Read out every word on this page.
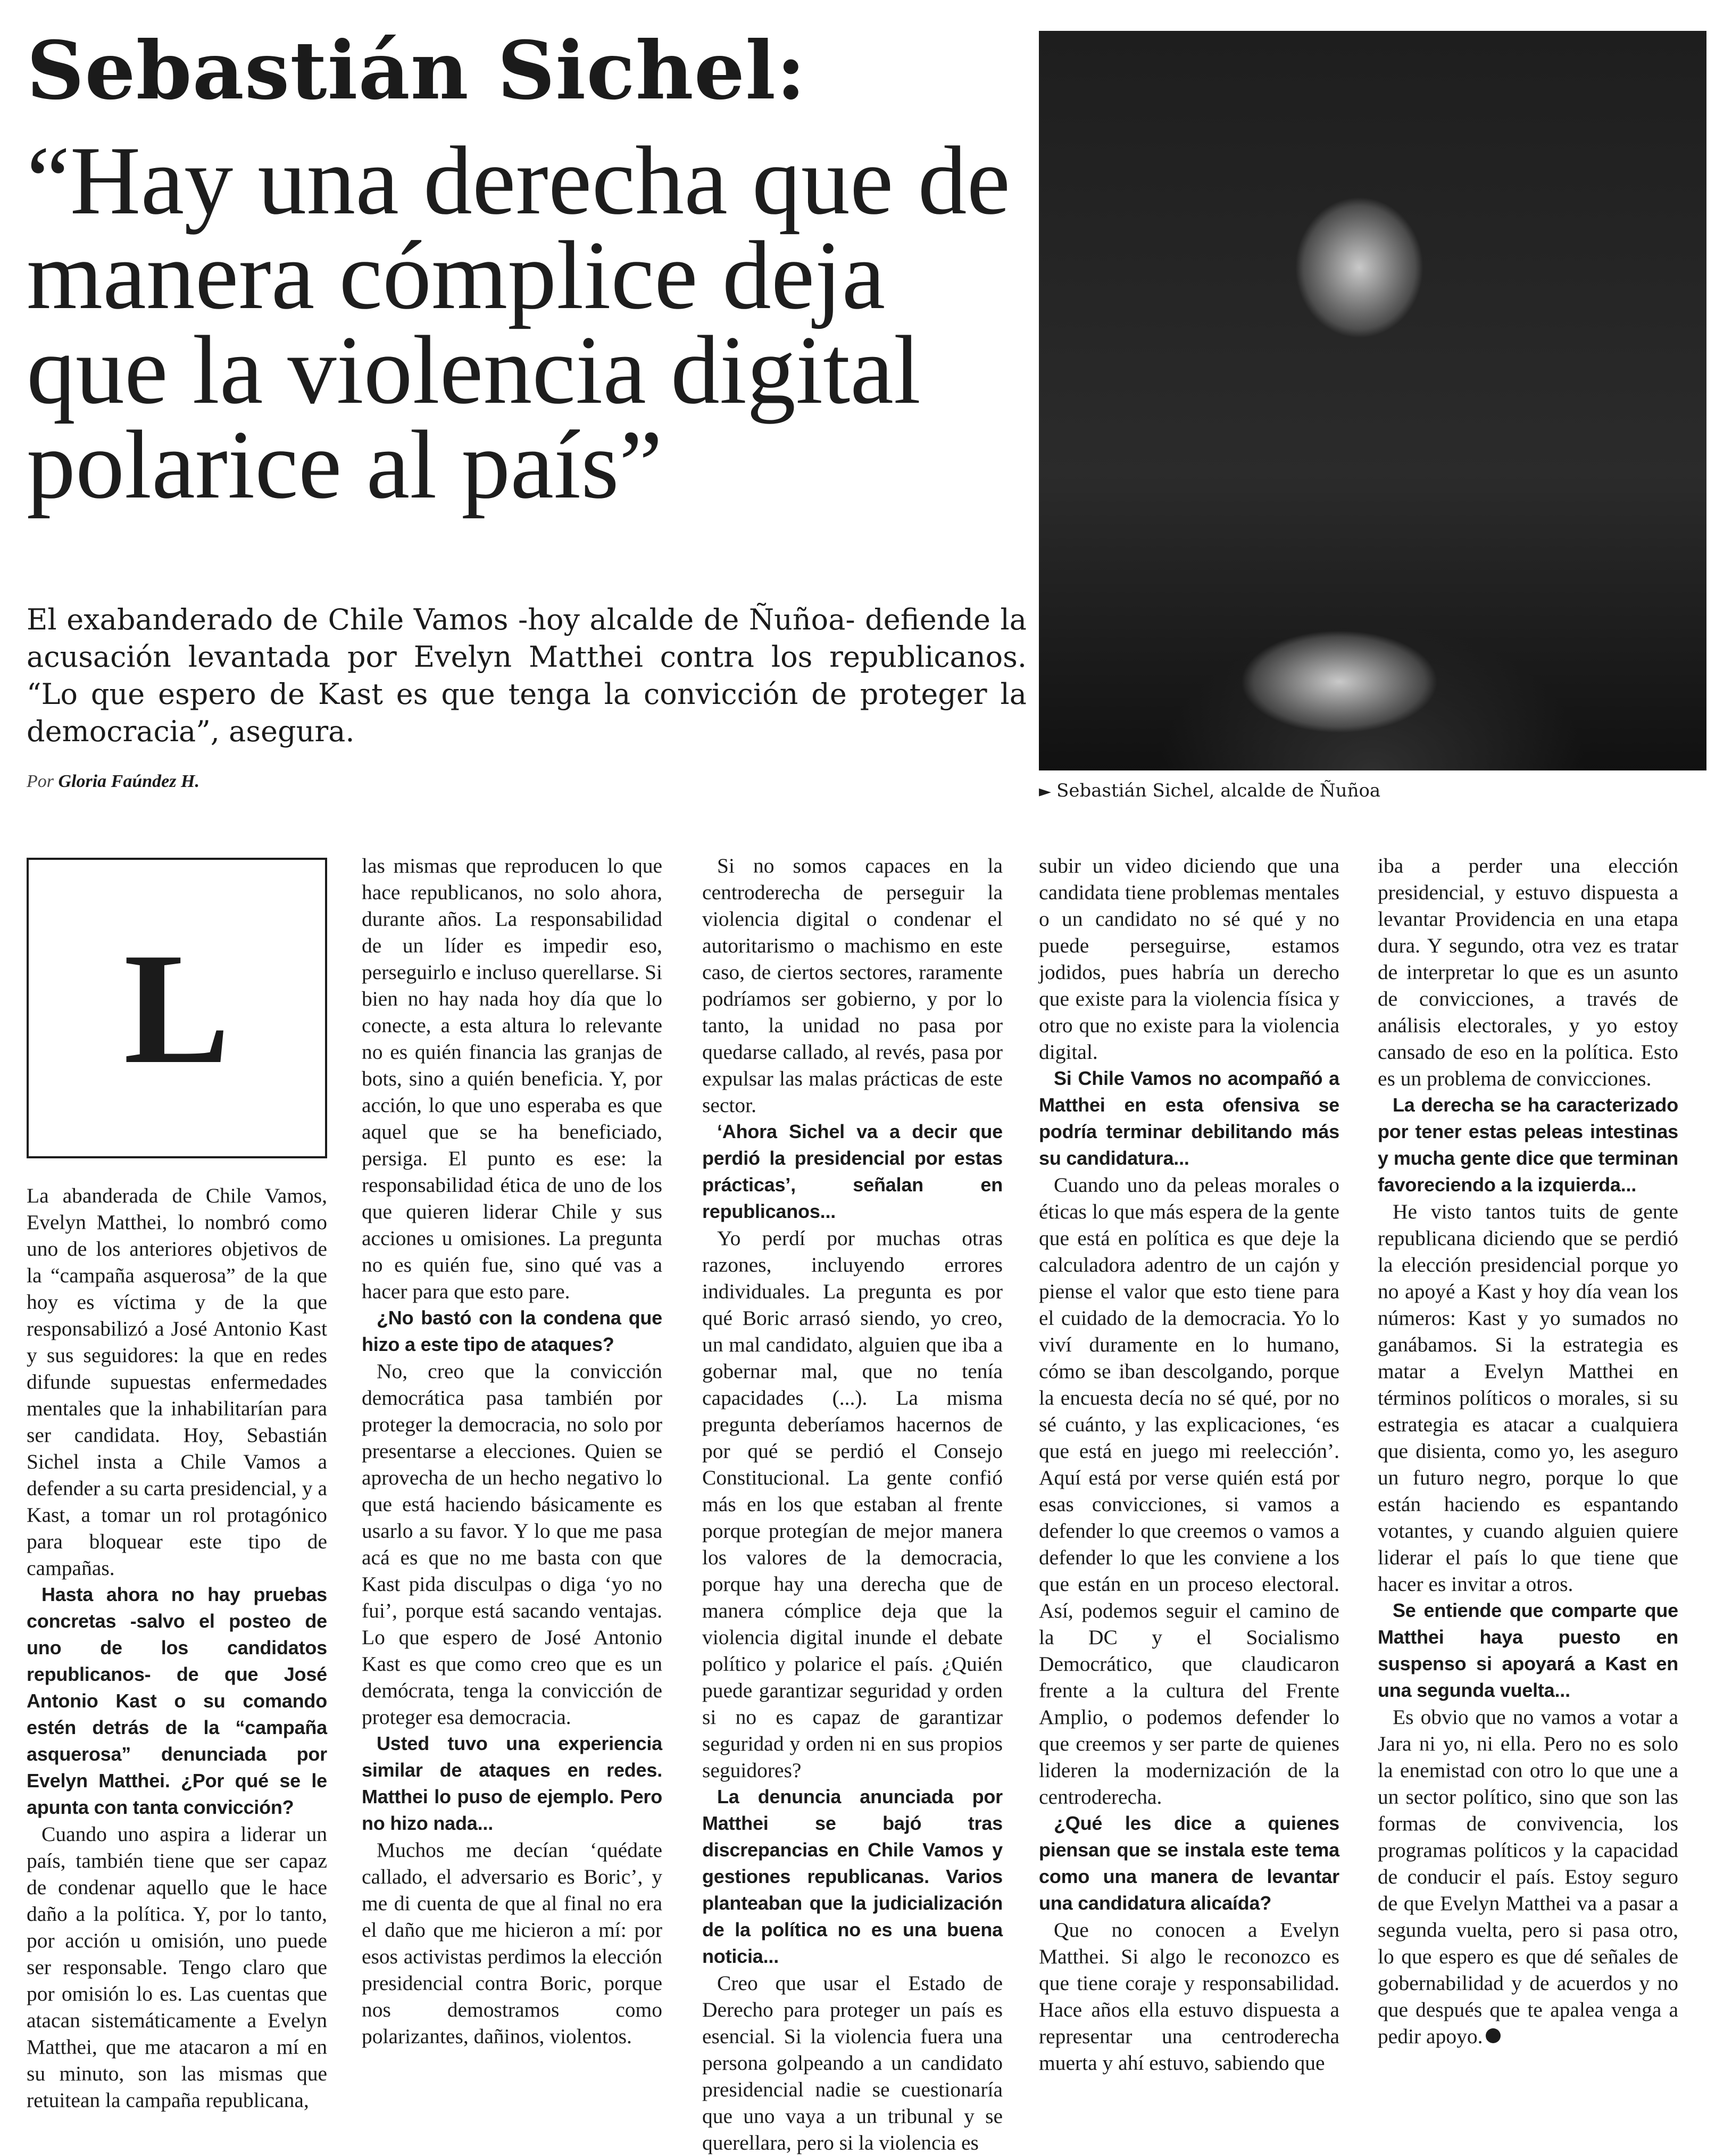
Sebastián Sichel:
“Hay una derecha que de manera cómplice deja que la violencia digital polarice al país”

El exabanderado de Chile Vamos -hoy alcalde de Ñuñoa- defiende la acusación levantada por Evelyn Matthei contra los republicanos. “Lo que espero de Kast es que tenga la convicción de proteger la democracia”, asegura.

Por Gloria Faúndez H.
► Sebastián Sichel, alcalde de Ñuñoa
L

La abanderada de Chile Vamos, Evelyn Matthei, lo nombró como uno de los anteriores objetivos de la “campaña asquerosa” de la que hoy es víctima y de la que responsabilizó a José Antonio Kast y sus seguidores: la que en redes difunde supuestas enfermedades mentales que la inhabilitarían para ser candidata. Hoy, Sebastián Sichel insta a Chile Vamos a defender a su carta presidencial, y a Kast, a tomar un rol protagónico para bloquear este tipo de campañas.

Hasta ahora no hay pruebas concretas -salvo el posteo de uno de los candidatos republicanos- de que José Antonio Kast o su comando estén detrás de la “campaña asquerosa” denunciada por Evelyn Matthei. ¿Por qué se le apunta con tanta convicción?

Cuando uno aspira a liderar un país, también tiene que ser capaz de condenar aquello que le hace daño a la política. Y, por lo tanto, por acción u omisión, uno puede ser responsable. Tengo claro que por omisión lo es. Las cuentas que atacan sistemáticamente a Evelyn Matthei, que me atacaron a mí en su minuto, son las mismas que retuitean la campaña republicana,

las mismas que reproducen lo que hace republicanos, no solo ahora, durante años. La responsabilidad de un líder es impedir eso, perseguirlo e incluso querellarse. Si bien no hay nada hoy día que lo conecte, a esta altura lo relevante no es quién financia las granjas de bots, sino a quién beneficia. Y, por acción, lo que uno esperaba es que aquel que se ha beneficiado, persiga. El punto es ese: la responsabilidad ética de uno de los que quieren liderar Chile y sus acciones u omisiones. La pregunta no es quién fue, sino qué vas a hacer para que esto pare.

¿No bastó con la condena que hizo a este tipo de ataques?

No, creo que la convicción democrática pasa también por proteger la democracia, no solo por presentarse a elecciones. Quien se aprovecha de un hecho negativo lo que está haciendo básicamente es usarlo a su favor. Y lo que me pasa acá es que no me basta con que Kast pida disculpas o diga ‘yo no fui’, porque está sacando ventajas. Lo que espero de José Antonio Kast es que como creo que es un demócrata, tenga la convicción de proteger esa democracia.

Usted tuvo una experiencia similar de ataques en redes. Matthei lo puso de ejemplo. Pero no hizo nada...

Muchos me decían ‘quédate callado, el adversario es Boric’, y me di cuenta de que al final no era el daño que me hicieron a mí: por esos activistas perdimos la elección presidencial contra Boric, porque nos demostramos como polarizantes, dañinos, violentos.

Si no somos capaces en la centroderecha de perseguir la violencia digital o condenar el autoritarismo o machismo en este caso, de ciertos sectores, raramente podríamos ser gobierno, y por lo tanto, la unidad no pasa por quedarse callado, al revés, pasa por expulsar las malas prácticas de este sector.

‘Ahora Sichel va a decir que perdió la presidencial por estas prácticas’, señalan en republicanos...

Yo perdí por muchas otras razones, incluyendo errores individuales. La pregunta es por qué Boric arrasó siendo, yo creo, un mal candidato, alguien que iba a gobernar mal, que no tenía capacidades (...). La misma pregunta deberíamos hacernos de por qué se perdió el Consejo Constitucional. La gente confió más en los que estaban al frente porque protegían de mejor manera los valores de la democracia, porque hay una derecha que de manera cómplice deja que la violencia digital inunde el debate político y polarice el país. ¿Quién puede garantizar seguridad y orden si no es capaz de garantizar seguridad y orden ni en sus propios seguidores?

La denuncia anunciada por Matthei se bajó tras discrepancias en Chile Vamos y gestiones republicanas. Varios planteaban que la judicialización de la política no es una buena noticia...

Creo que usar el Estado de Derecho para proteger un país es esencial. Si la violencia fuera una persona golpeando a un candidato presidencial nadie se cuestionaría que uno vaya a un tribunal y se querellara, pero si la violencia es

subir un video diciendo que una candidata tiene problemas mentales o un candidato no sé qué y no puede perseguirse, estamos jodidos, pues habría un derecho que existe para la violencia física y otro que no existe para la violencia digital.

Si Chile Vamos no acompañó a Matthei en esta ofensiva se podría terminar debilitando más su candidatura...

Cuando uno da peleas morales o éticas lo que más espera de la gente que está en política es que deje la calculadora adentro de un cajón y piense el valor que esto tiene para el cuidado de la democracia. Yo lo viví duramente en lo humano, cómo se iban descolgando, porque la encuesta decía no sé qué, por no sé cuánto, y las explicaciones, ‘es que está en juego mi reelección’. Aquí está por verse quién está por esas convicciones, si vamos a defender lo que creemos o vamos a defender lo que les conviene a los que están en un proceso electoral. Así, podemos seguir el camino de la DC y el Socialismo Democrático, que claudicaron frente a la cultura del Frente Amplio, o podemos defender lo que creemos y ser parte de quienes lideren la modernización de la centroderecha.

¿Qué les dice a quienes piensan que se instala este tema como una manera de levantar una candidatura alicaída?

Que no conocen a Evelyn Matthei. Si algo le reconozco es que tiene coraje y responsabilidad. Hace años ella estuvo dispuesta a representar una centroderecha muerta y ahí estuvo, sabiendo que

iba a perder una elección presidencial, y estuvo dispuesta a levantar Providencia en una etapa dura. Y segundo, otra vez es tratar de interpretar lo que es un asunto de convicciones, a través de análisis electorales, y yo estoy cansado de eso en la política. Esto es un problema de convicciones.

La derecha se ha caracterizado por tener estas peleas intestinas y mucha gente dice que terminan favoreciendo a la izquierda...

He visto tantos tuits de gente republicana diciendo que se perdió la elección presidencial porque yo no apoyé a Kast y hoy día vean los números: Kast y yo sumados no ganábamos. Si la estrategia es matar a Evelyn Matthei en términos políticos o morales, si su estrategia es atacar a cualquiera que disienta, como yo, les aseguro un futuro negro, porque lo que están haciendo es espantando votantes, y cuando alguien quiere liderar el país lo que tiene que hacer es invitar a otros.

Se entiende que comparte que Matthei haya puesto en suspenso si apoyará a Kast en una segunda vuelta...

Es obvio que no vamos a votar a Jara ni yo, ni ella. Pero no es solo la enemistad con otro lo que une a un sector político, sino que son las formas de convivencia, los programas políticos y la capacidad de conducir el país. Estoy seguro de que Evelyn Matthei va a pasar a segunda vuelta, pero si pasa otro, lo que espero es que dé señales de gobernabilidad y de acuerdos y no que después que te apalea venga a pedir apoyo.
